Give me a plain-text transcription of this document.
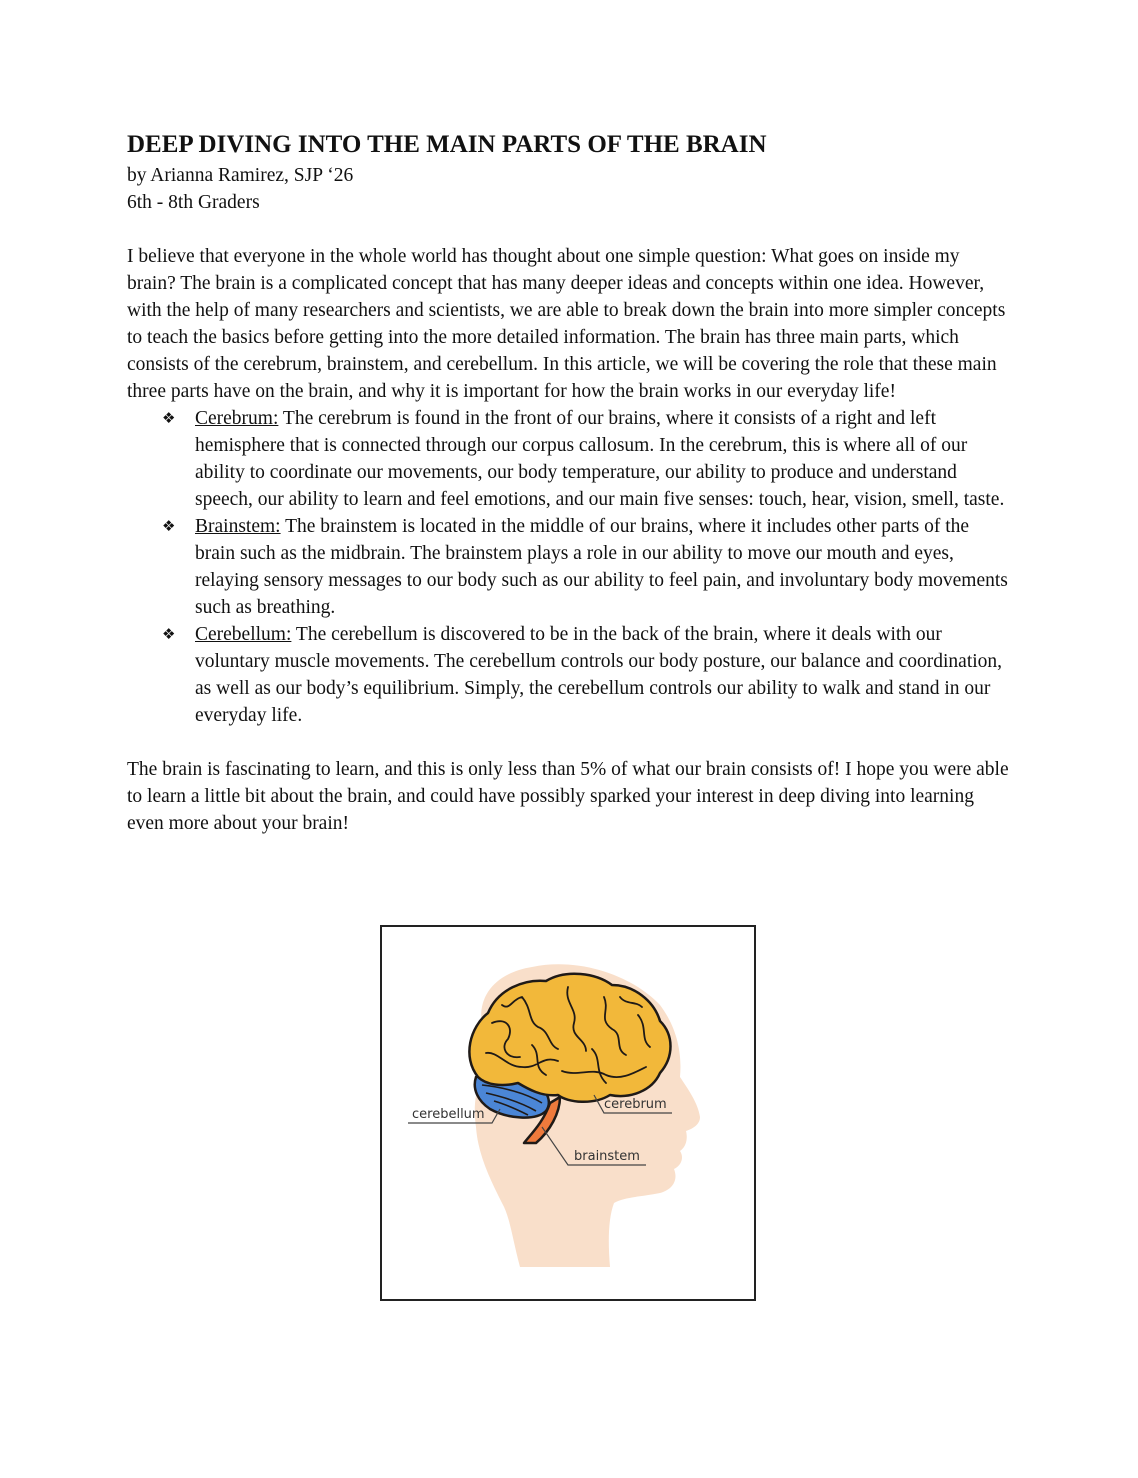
DEEP DIVING INTO THE MAIN PARTS OF THE BRAIN

by Arianna Ramirez, SJP ‘26

6th - 8th Graders

I believe that everyone in the whole world has thought about one simple question: What goes on inside my brain? The brain is a complicated concept that has many deeper ideas and concepts within one idea. However, with the help of many researchers and scientists, we are able to break down the brain into more simpler concepts to teach the basics before getting into the more detailed information. The brain has three main parts, which consists of the cerebrum, brainstem, and cerebellum. In this article, we will be covering the role that these main three parts have on the brain, and why it is important for how the brain works in our everyday life!

❖ Cerebrum: The cerebrum is found in the front of our brains, where it consists of a right and left hemisphere that is connected through our corpus callosum. In the cerebrum, this is where all of our ability to coordinate our movements, our body temperature, our ability to produce and understand speech, our ability to learn and feel emotions, and our main five senses: touch, hear, vision, smell, taste.
❖ Brainstem: The brainstem is located in the middle of our brains, where it includes other parts of the brain such as the midbrain. The brainstem plays a role in our ability to move our mouth and eyes, relaying sensory messages to our body such as our ability to feel pain, and involuntary body movements such as breathing.
❖ Cerebellum: The cerebellum is discovered to be in the back of the brain, where it deals with our voluntary muscle movements. The cerebellum controls our body posture, our balance and coordination, as well as our body’s equilibrium. Simply, the cerebellum controls our ability to walk and stand in our everyday life.

The brain is fascinating to learn, and this is only less than 5% of what our brain consists of! I hope you were able to learn a little bit about the brain, and could have possibly sparked your interest in deep diving into learning even more about your brain!

cerebellum
cerebrum
brainstem
